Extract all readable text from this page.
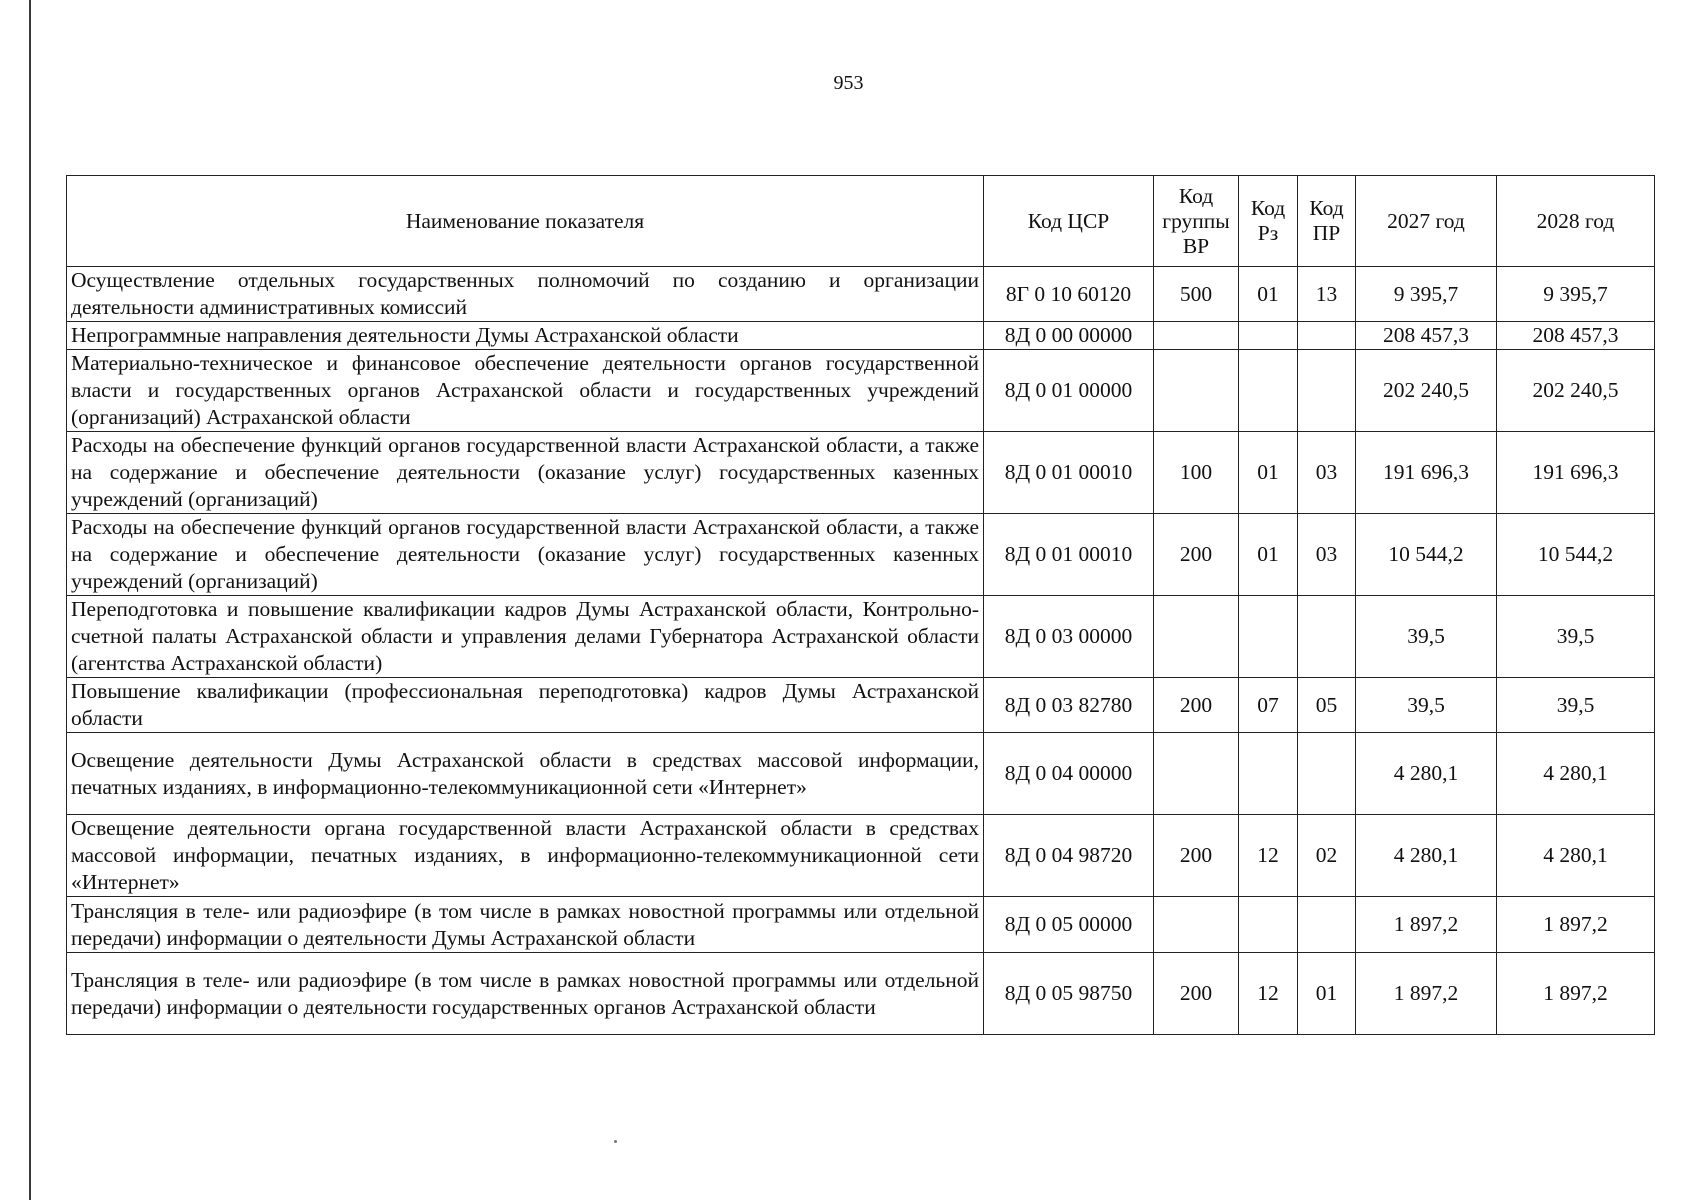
953
Наименование показателя	Код ЦСР	Код группы ВР	Код Рз	Код ПР	2027 год	2028 год
Осуществление отдельных государственных полномочий по созданию и организации деятельности административных комиссий	8Г 0 10 60120	500	01	13	9 395,7	9 395,7
Непрограммные направления деятельности Думы Астраханской области	8Д 0 00 00000				208 457,3	208 457,3
Материально-техническое и финансовое обеспечение деятельности органов государственной власти и государственных органов Астраханской области и государственных учреждений (организаций) Астраханской области	8Д 0 01 00000				202 240,5	202 240,5
Расходы на обеспечение функций органов государственной власти Астраханской области, а также на содержание и обеспечение деятельности (оказание услуг) государственных казенных учреждений (организаций)	8Д 0 01 00010	100	01	03	191 696,3	191 696,3
Расходы на обеспечение функций органов государственной власти Астраханской области, а также на содержание и обеспечение деятельности (оказание услуг) государственных казенных учреждений (организаций)	8Д 0 01 00010	200	01	03	10 544,2	10 544,2
Переподготовка и повышение квалификации кадров Думы Астраханской области, Контрольно-счетной палаты Астраханской области и управления делами Губернатора Астраханской области (агентства Астраханской области)	8Д 0 03 00000				39,5	39,5
Повышение квалификации (профессиональная переподготовка) кадров Думы Астраханской области	8Д 0 03 82780	200	07	05	39,5	39,5
Освещение деятельности Думы Астраханской области в средствах массовой информации, печатных изданиях, в информационно-телекоммуникационной сети «Интернет»	8Д 0 04 00000				4 280,1	4 280,1
Освещение деятельности органа государственной власти Астраханской области в средствах массовой информации, печатных изданиях, в информационно-телекоммуникационной сети «Интернет»	8Д 0 04 98720	200	12	02	4 280,1	4 280,1
Трансляция в теле- или радиоэфире (в том числе в рамках новостной программы или отдельной передачи) информации о деятельности Думы Астраханской области	8Д 0 05 00000				1 897,2	1 897,2
Трансляция в теле- или радиоэфире (в том числе в рамках новостной программы или отдельной передачи) информации о деятельности государственных органов Астраханской области	8Д 0 05 98750	200	12	01	1 897,2	1 897,2
